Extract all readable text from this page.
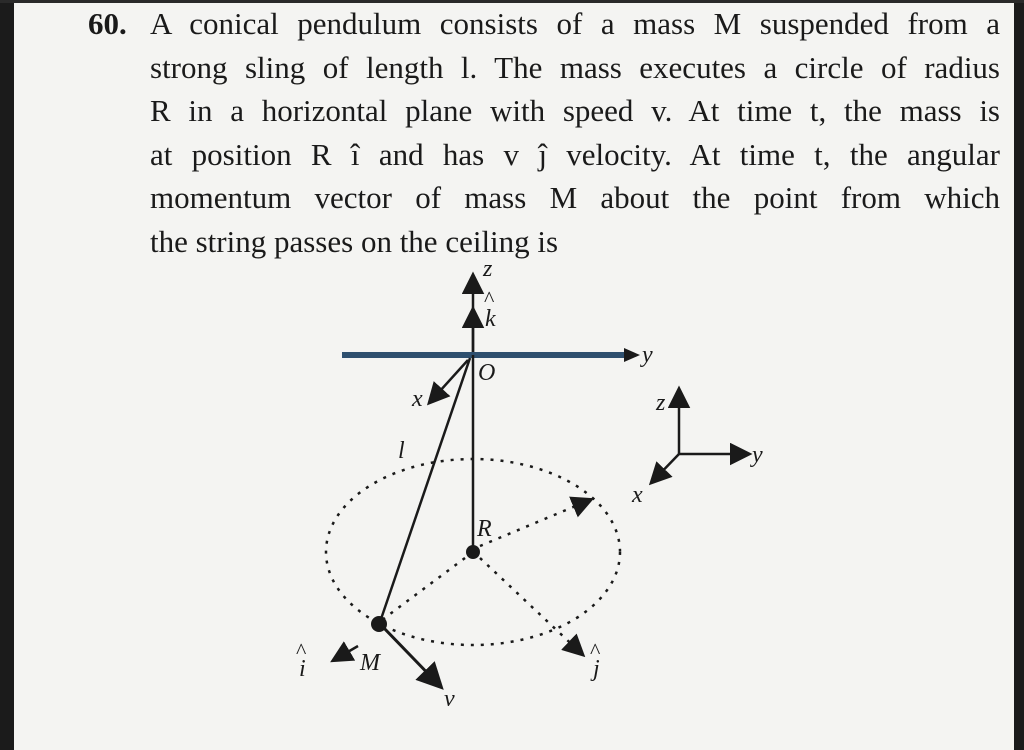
60. A conical pendulum consists of a mass M suspended from a
strong sling of length l. The mass executes a circle of radius
R in a horizontal plane with speed v. At time t, the mass is
at position R î and has v ĵ velocity. At time t, the angular
momentum vector of mass M about the point from which
the string passes on the ceiling is
z
^
k
y
O
x
l
R
M
^
i
^
j
v
z
y
x
